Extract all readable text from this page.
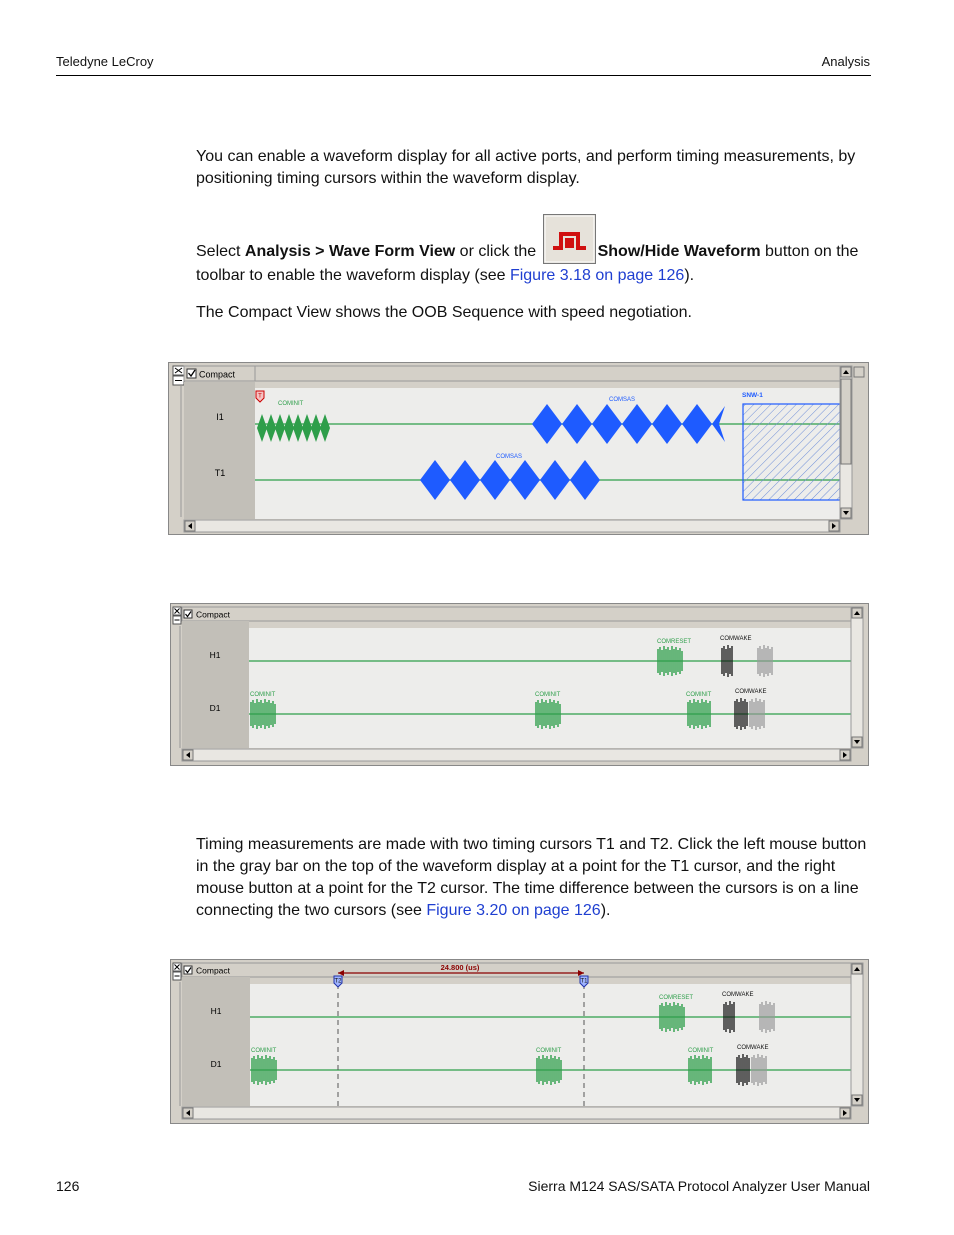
Teledyne LeCroy	Analysis
You can enable a waveform display for all active ports, and perform timing measurements, by positioning timing cursors within the waveform display.
Select Analysis > Wave Form View or click the	Show/Hide Waveform button on the toolbar to enable the waveform display (see Figure 3.18 on page 126).
The Compact View shows the OOB Sequence with speed negotiation.
Compact
I1
T1
T
COMINIT
COMSAS
COMSAS
SNW-1
Compact
H1
D1
COMRESET	COMWAKE
COMINIT	COMINIT	COMINIT	COMWAKE
Timing measurements are made with two timing cursors T1 and T2. Click the left mouse button in the gray bar on the top of the waveform display at a point for the T1 cursor, and the right mouse button at a point for the T2 cursor. The time difference between the cursors is on a line connecting the two cursors (see Figure 3.20 on page 126).
Compact
H1
D1
24.800 (us)
T2	T1
COMRESET	COMWAKE
COMINIT	COMINIT	COMINIT	COMWAKE
126	Sierra M124 SAS/SATA Protocol Analyzer User Manual
